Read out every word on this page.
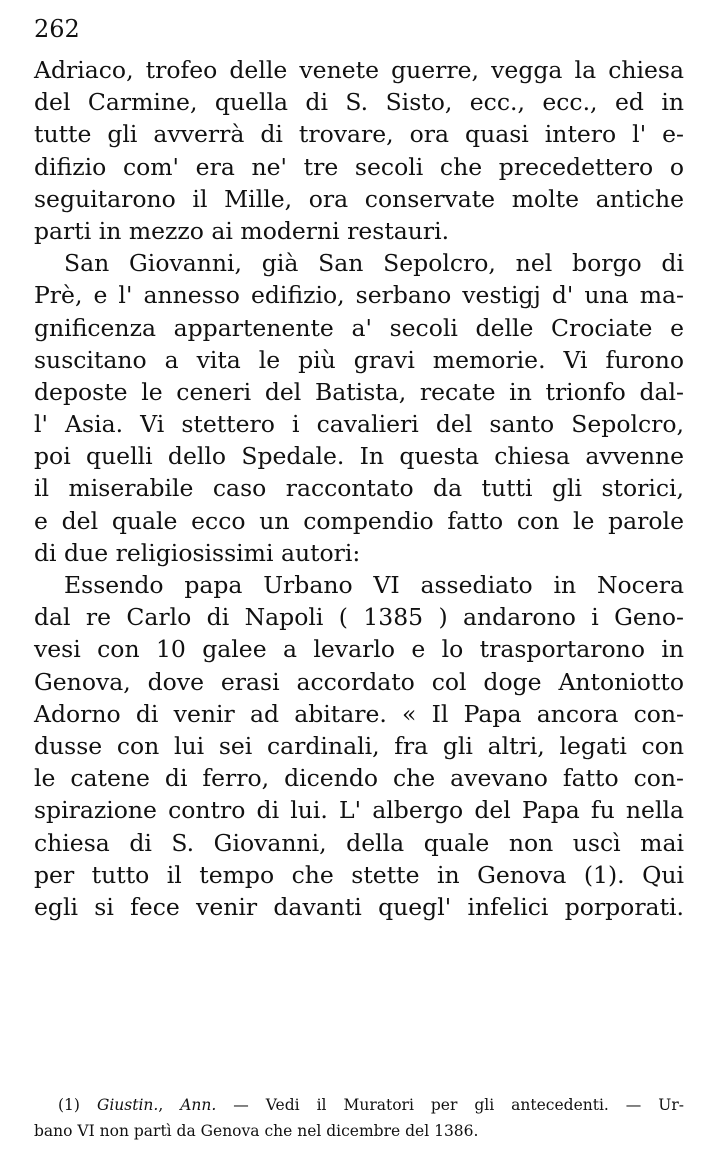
262
Adriaco, trofeo delle venete guerre, vegga la chiesa
del Carmine, quella di S. Sisto, ecc., ecc., ed in
tutte gli avverrà di trovare, ora quasi intero l' e-
difizio com' era ne' tre secoli che precedettero o
seguitarono il Mille, ora conservate molte antiche
parti in mezzo ai moderni restauri.
San Giovanni, già San Sepolcro, nel borgo di
Prè, e l' annesso edifizio, serbano vestigj d' una ma-
gnificenza appartenente a' secoli delle Crociate e
suscitano a vita le più gravi memorie. Vi furono
deposte le ceneri del Batista, recate in trionfo dal-
l' Asia. Vi stettero i cavalieri del santo Sepolcro,
poi quelli dello Spedale. In questa chiesa avvenne
il miserabile caso raccontato da tutti gli storici,
e del quale ecco un compendio fatto con le parole
di due religiosissimi autori:
Essendo papa Urbano VI assediato in Nocera
dal re Carlo di Napoli ( 1385 ) andarono i Geno-
vesi con 10 galee a levarlo e lo trasportarono in
Genova, dove erasi accordato col doge Antoniotto
Adorno di venir ad abitare. « Il Papa ancora con-
dusse con lui sei cardinali, fra gli altri, legati con
le catene di ferro, dicendo che avevano fatto con-
spirazione contro di lui. L' albergo del Papa fu nella
chiesa di S. Giovanni, della quale non uscì mai
per tutto il tempo che stette in Genova (1). Qui
egli si fece venir davanti quegl' infelici porporati.
(1) Giustin., Ann. — Vedi il Muratori per gli antecedenti. — Ur-
bano VI non partì da Genova che nel dicembre del 1386.
